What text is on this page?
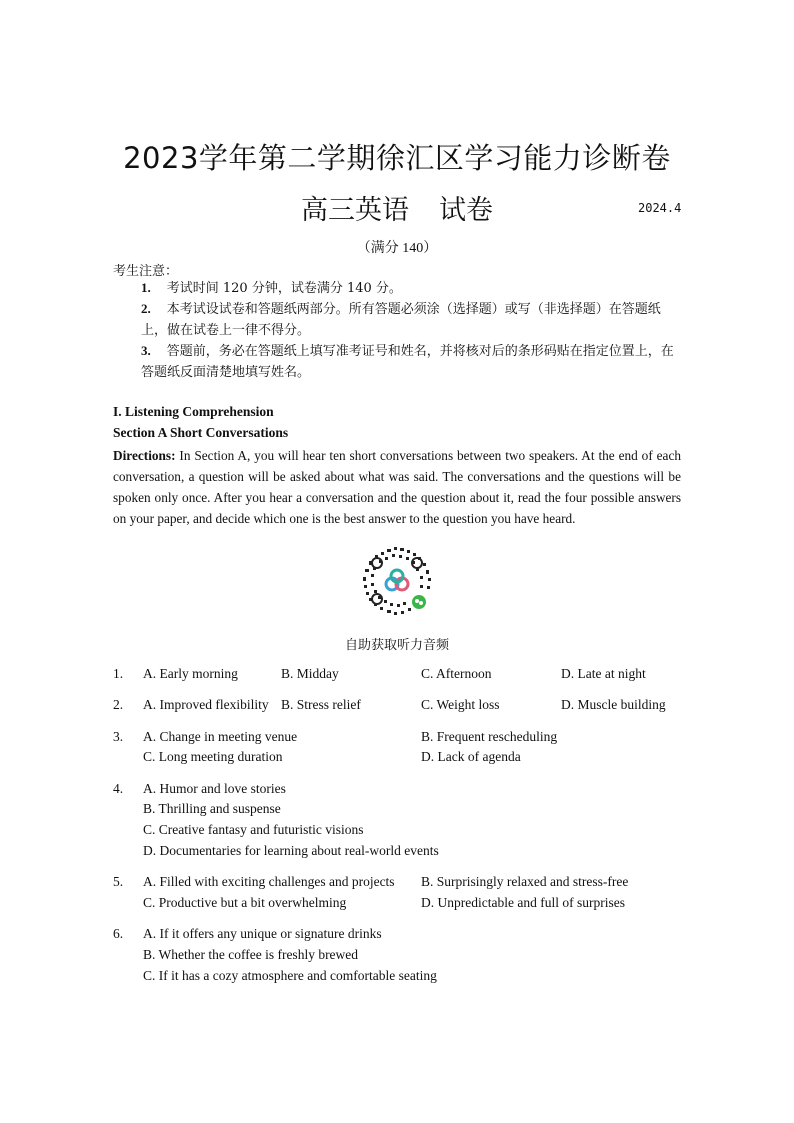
2023学年第二学期徐汇区学习能力诊断卷
高三英语 试卷	2024.4
（满分 140）
考生注意：
1. 考试时间 120 分钟，试卷满分 140 分。
2. 本考试设试卷和答题纸两部分。所有答题必须涂（选择题）或写（非选择题）在答题纸上，做在试卷上一律不得分。
3. 答题前，务必在答题纸上填写准考证号和姓名，并将核对后的条形码贴在指定位置上，在答题纸反面清楚地填写姓名。
I. Listening Comprehension
Section A Short Conversations
Directions: In Section A, you will hear ten short conversations between two speakers. At the end of each conversation, a question will be asked about what was said. The conversations and the questions will be spoken only once. After you hear a conversation and the question about it, read the four possible answers on your paper, and decide which one is the best answer to the question you have heard.
自助获取听力音频
1. A. Early morning	B. Midday	C. Afternoon	D. Late at night
2. A. Improved flexibility B. Stress relief	C. Weight loss	D. Muscle building
3. A. Change in meeting venue	B. Frequent rescheduling
C. Long meeting duration	D. Lack of agenda
4. A. Humor and love stories
B. Thrilling and suspense
C. Creative fantasy and futuristic visions
D. Documentaries for learning about real-world events
5. A. Filled with exciting challenges and projects B. Surprisingly relaxed and stress-free
C. Productive but a bit overwhelming	D. Unpredictable and full of surprises
6. A. If it offers any unique or signature drinks
B. Whether the coffee is freshly brewed
C. If it has a cozy atmosphere and comfortable seating
